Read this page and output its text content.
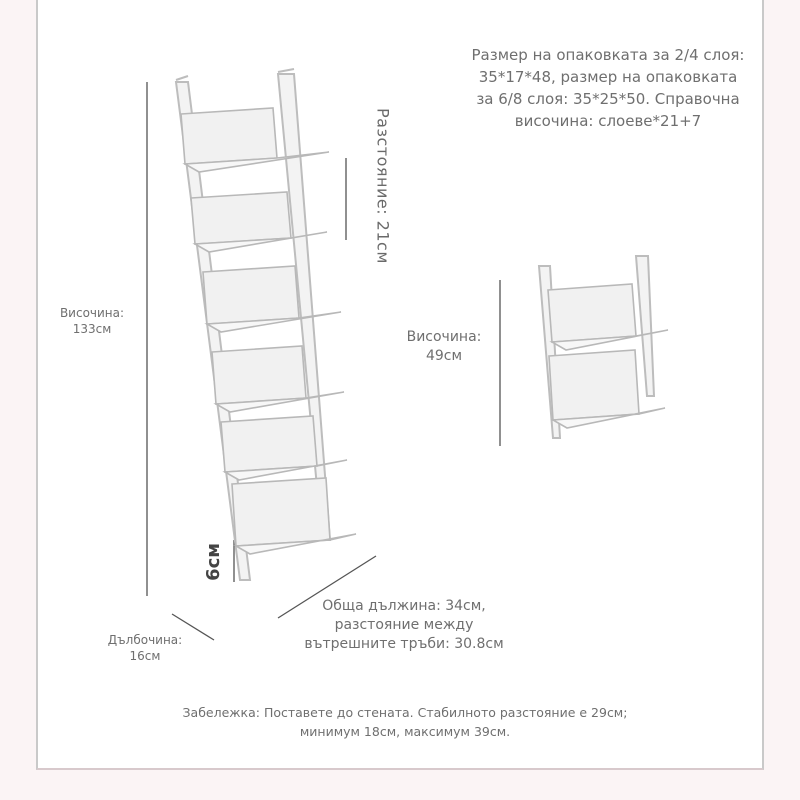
Размер на опаковката за 2/4 слоя:
35*17*48, размер на опаковката
за 6/8 слоя: 35*25*50. Справочна
височина: слоеве*21+7
Разстояние: 21см
Височина:
133см	Височина:
49см
6см
Дълбочина:
16см
Обща дължина: 34см,
разстояние между
вътрешните тръби: 30.8см
Забележка: Поставете до стената. Стабилното разстояние е 29см;
минимум 18см, максимум 39см.
